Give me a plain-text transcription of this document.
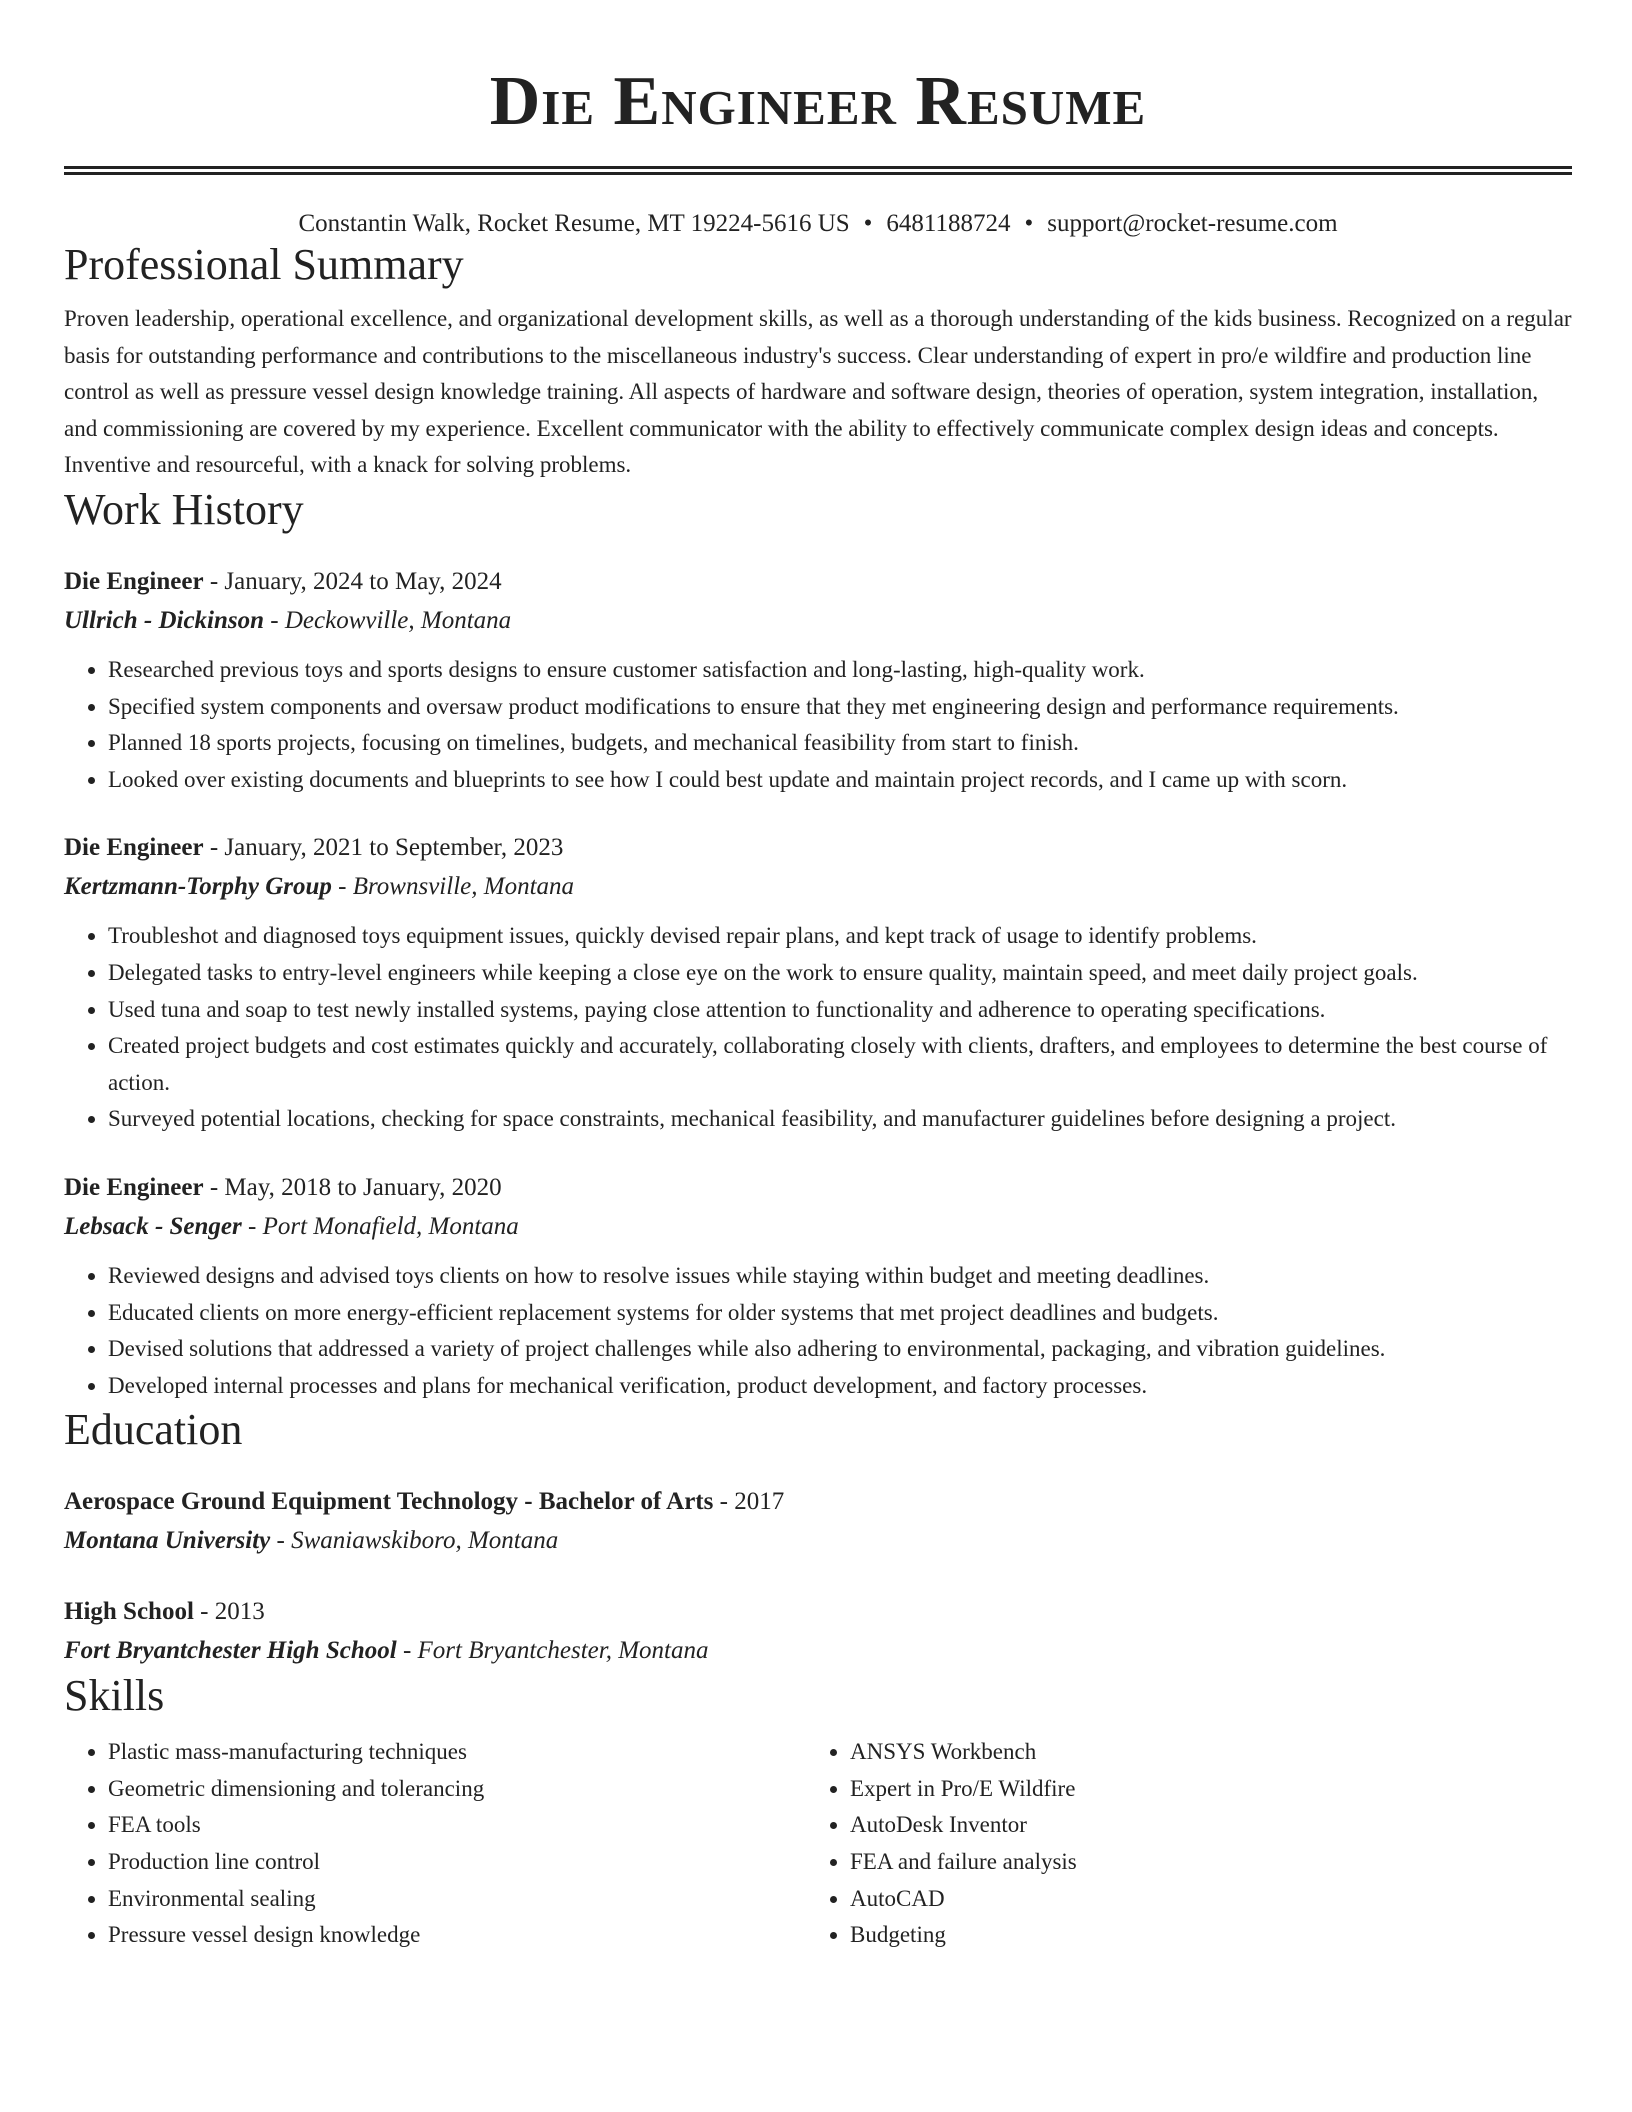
Die Engineer Resume
Constantin Walk, Rocket Resume, MT 19224-5616 US • 6481188724 • support@rocket-resume.com
Professional Summary
Proven leadership, operational excellence, and organizational development skills, as well as a thorough understanding of the kids business. Recognized on a regular basis for outstanding performance and contributions to the miscellaneous industry's success. Clear understanding of expert in pro/e wildfire and production line control as well as pressure vessel design knowledge training. All aspects of hardware and software design, theories of operation, system integration, installation, and commissioning are covered by my experience. Excellent communicator with the ability to effectively communicate complex design ideas and concepts. Inventive and resourceful, with a knack for solving problems.
Work History
Die Engineer - January, 2024 to May, 2024
Ullrich - Dickinson - Deckowville, Montana
• Researched previous toys and sports designs to ensure customer satisfaction and long-lasting, high-quality work.
• Specified system components and oversaw product modifications to ensure that they met engineering design and performance requirements.
• Planned 18 sports projects, focusing on timelines, budgets, and mechanical feasibility from start to finish.
• Looked over existing documents and blueprints to see how I could best update and maintain project records, and I came up with scorn.
Die Engineer - January, 2021 to September, 2023
Kertzmann-Torphy Group - Brownsville, Montana
• Troubleshot and diagnosed toys equipment issues, quickly devised repair plans, and kept track of usage to identify problems.
• Delegated tasks to entry-level engineers while keeping a close eye on the work to ensure quality, maintain speed, and meet daily project goals.
• Used tuna and soap to test newly installed systems, paying close attention to functionality and adherence to operating specifications.
• Created project budgets and cost estimates quickly and accurately, collaborating closely with clients, drafters, and employees to determine the best course of action.
• Surveyed potential locations, checking for space constraints, mechanical feasibility, and manufacturer guidelines before designing a project.
Die Engineer - May, 2018 to January, 2020
Lebsack - Senger - Port Monafield, Montana
• Reviewed designs and advised toys clients on how to resolve issues while staying within budget and meeting deadlines.
• Educated clients on more energy-efficient replacement systems for older systems that met project deadlines and budgets.
• Devised solutions that addressed a variety of project challenges while also adhering to environmental, packaging, and vibration guidelines.
• Developed internal processes and plans for mechanical verification, product development, and factory processes.
Education
Aerospace Ground Equipment Technology - Bachelor of Arts - 2017
Montana University - Swaniawskiboro, Montana
High School - 2013
Fort Bryantchester High School - Fort Bryantchester, Montana
Skills
• Plastic mass-manufacturing techniques
• Geometric dimensioning and tolerancing
• FEA tools
• Production line control
• Environmental sealing
• Pressure vessel design knowledge
• ANSYS Workbench
• Expert in Pro/E Wildfire
• AutoDesk Inventor
• FEA and failure analysis
• AutoCAD
• Budgeting
